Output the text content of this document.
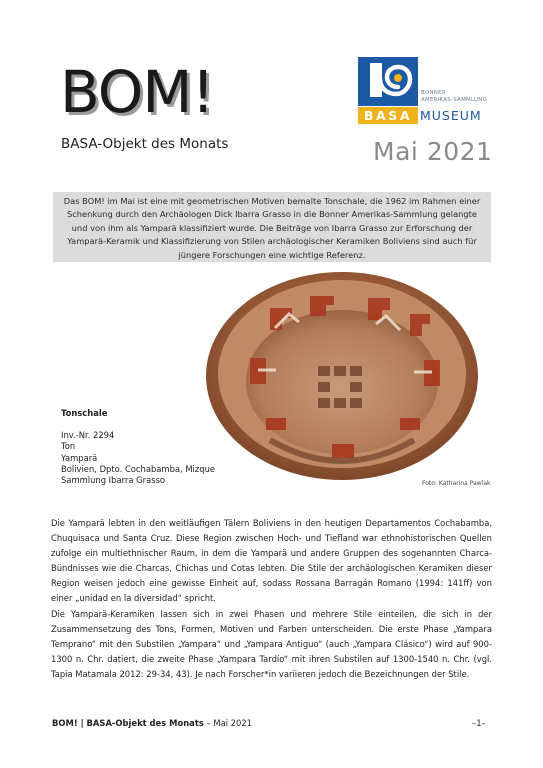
BOM!
BASA-Objekt des Monats	Mai 2021
BONNER
AMERIKAS-SAMMLUNG
BASA MUSEUM
Das BOM! im Mai ist eine mit geometrischen Motiven bemalte Tonschale, die 1962 im Rahmen einer Schenkung durch den Archäologen Dick Ibarra Grasso in die Bonner Amerikas-Sammlung gelangte und von ihm als Yamparä klassifiziert wurde. Die Beiträge von Ibarra Grasso zur Erforschung der Yamparä-Keramik und Klassifizierung von Stilen archäologischer Keramiken Boliviens sind auch für jüngere Forschungen eine wichtige Referenz.
Foto: Katharina Pawlak
Tonschale
Inv.-Nr. 2294
Ton
Yamparä
Bolivien, Dpto. Cochabamba, Mizque
Sammlung Ibarra Grasso
Die Yamparä lebten in den weitläufigen Tälern Boliviens in den heutigen Departamentos Cochabamba, Chuquisaca und Santa Cruz. Diese Region zwischen Hoch- und Tiefland war ethnohistorischen Quellen zufolge ein multiethnischer Raum, in dem die Yamparä und andere Gruppen des sogenannten Charca-Bündnisses wie die Charcas, Chichas und Cotas lebten. Die Stile der archäologischen Keramiken dieser Region weisen jedoch eine gewisse Einheit auf, sodass Rossana Barragán Romano (1994: 141ff) von einer „unidad en la diversidad“ spricht.
Die Yamparä-Keramiken lassen sich in zwei Phasen und mehrere Stile einteilen, die sich in der Zusammensetzung des Tons, Formen, Motiven und Farben unterscheiden. Die erste Phase „Yampara Temprano“ mit den Substilen „Yampara“ und „Yampara Antiguo“ (auch „Yampara Clásico“) wird auf 900-1300 n. Chr. datiert, die zweite Phase „Yampara Tardío“ mit ihren Substilen auf 1300-1540 n. Chr. (vgl. Tapia Matamala 2012: 29-34, 43). Je nach Forscher*in variieren jedoch die Bezeichnungen der Stile.
BOM! | BASA-Objekt des Monats – Mai 2021	–1–
